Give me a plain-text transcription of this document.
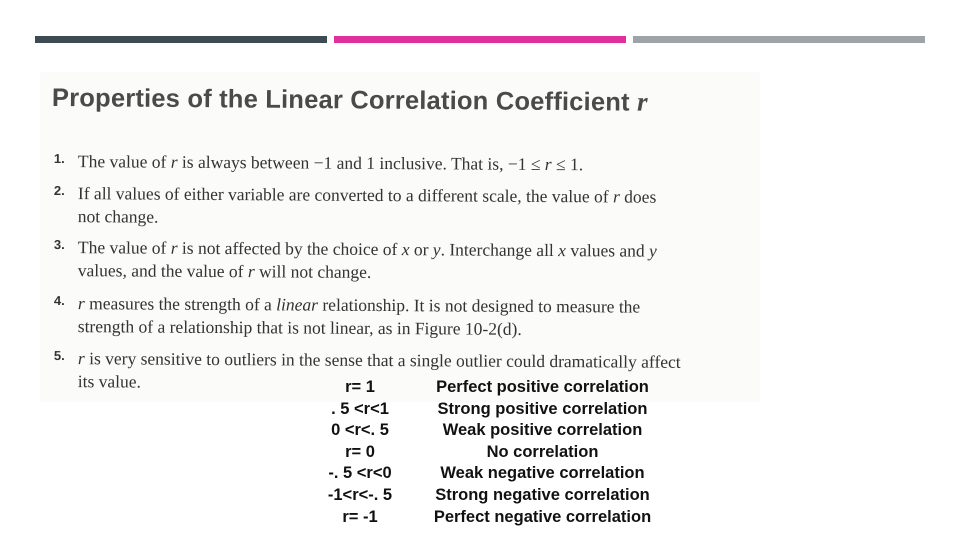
Properties of the Linear Correlation Coefficient r
1. The value of r is always between −1 and 1 inclusive. That is, −1 ≤ r ≤ 1.
2. If all values of either variable are converted to a different scale, the value of r does not change.
3. The value of r is not affected by the choice of x or y. Interchange all x values and y values, and the value of r will not change.
4. r measures the strength of a linear relationship. It is not designed to measure the strength of a relationship that is not linear, as in Figure 10-2(d).
5. r is very sensitive to outliers in the sense that a single outlier could dramatically affect its value.	r= 1
. 5 <r<1
0 <r<. 5
r= 0
-. 5 <r<0
-1<r<-. 5
r= -1
Perfect positive correlation
Strong positive correlation
Weak positive correlation
No correlation
Weak negative correlation
Strong negative correlation
Perfect negative correlation
